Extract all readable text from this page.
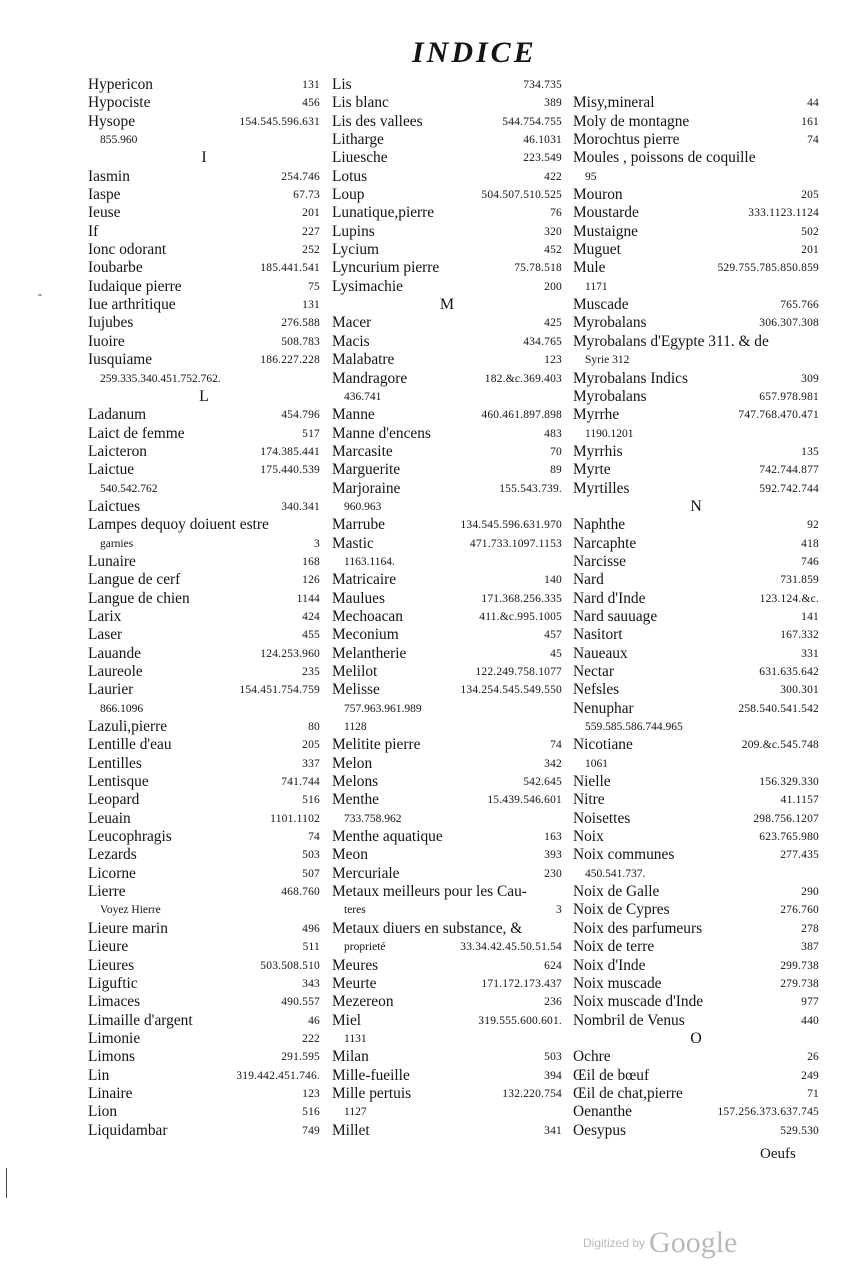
INDICE
Hypericon	131
Hypociste	456
Hysope	154.545.596.631
855.960
I
Iasmin	254.746
Iaspe	67.73
Ieuse	201
If	227
Ionc odorant	252
Ioubarbe	185.441.541
Iudaique pierre	75
Iue arthritique	131
Iujubes	276.588
Iuoire	508.783
Iusquiame	186.227.228
259.335.340.451.752.762.
L
Ladanum	454.796
Laict de femme	517
Laicteron	174.385.441
Laictue	175.440.539
540.542.762
Laictues	340.341
Lampes dequoy doiuent estre
garnies	3
Lunaire	168
Langue de cerf	126
Langue de chien	1144
Larix	424
Laser	455
Lauande	124.253.960
Laureole	235
Laurier	154.451.754.759
866.1096
Lazuli,pierre	80
Lentille d'eau	205
Lentilles	337
Lentisque	741.744
Leopard	516
Leuain	1101.1102
Leucophragis	74
Lezards	503
Licorne	507
Lierre	468.760
Voyez Hierre
Lieure marin	496
Lieure	511
Lieures	503.508.510
Liguftic	343
Limaces	490.557
Limaille d'argent	46
Limonie	222
Limons	291.595
Lin	319.442.451.746.
Linaire	123
Lion	516
Liquidambar	749
Lis	734.735
Lis blanc	389
Lis des vallees	544.754.755
Litharge	46.1031
Liuesche	223.549
Lotus	422
Loup	504.507.510.525
Lunatique,pierre	76
Lupins	320
Lycium	452
Lyncurium pierre	75.78.518
Lysimachie	200
M
Macer	425
Macis	434.765
Malabatre	123
Mandragore	182.&c.369.403
436.741
Manne	460.461.897.898
Manne d'encens	483
Marcasite	70
Marguerite	89
Marjoraine	155.543.739.
960.963
Marrube	134.545.596.631.970
Mastic	471.733.1097.1153
1163.1164.
Matricaire	140
Maulues	171.368.256.335
Mechoacan	411.&c.995.1005
Meconium	457
Melantherie	45
Melilot	122.249.758.1077
Melisse	134.254.545.549.550
757.963.961.989
1128
Melitite pierre	74
Melon	342
Melons	542.645
Menthe	15.439.546.601
733.758.962
Menthe aquatique	163
Meon	393
Mercuriale	230
Metaux meilleurs pour les Cau-
teres	3
Metaux diuers en substance, &
proprieté	33.34.42.45.50.51.54
Meures	624
Meurte	171.172.173.437
Mezereon	236
Miel	319.555.600.601.
1131
Milan	503
Mille-fueille	394
Mille pertuis	132.220.754
1127
Millet	341
Misy,mineral	44
Moly de montagne	161
Morochtus pierre	74
Moules , poissons de coquille
95
Mouron	205
Moustarde	333.1123.1124
Mustaigne	502
Muguet	201
Mule	529.755.785.850.859
1171
Muscade	765.766
Myrobalans	306.307.308
Myrobalans d'Egypte 311. & de
Syrie 312
Myrobalans Indics	309
Myrobalans	657.978.981
Myrrhe	747.768.470.471
1190.1201
Myrrhis	135
Myrte	742.744.877
Myrtilles	592.742.744
N
Naphthe	92
Narcaphte	418
Narcisse	746
Nard	731.859
Nard d'Inde	123.124.&c.
Nard sauuage	141
Nasitort	167.332
Naueaux	331
Nectar	631.635.642
Nefsles	300.301
Nenuphar	258.540.541.542
559.585.586.744.965
Nicotiane	209.&c.545.748
1061
Nielle	156.329.330
Nitre	41.1157
Noisettes	298.756.1207
Noix	623.765.980
Noix communes	277.435
450.541.737.
Noix de Galle	290
Noix de Cypres	276.760
Noix des parfumeurs	278
Noix de terre	387
Noix d'Inde	299.738
Noix muscade	279.738
Noix muscade d'Inde	977
Nombril de Venus	440
O
Ochre	26
Œil de bœuf	249
Œil de chat,pierre	71
Oenanthe	157.256.373.637.745
Oesypus	529.530
Oeufs
Digitized by Google
“
